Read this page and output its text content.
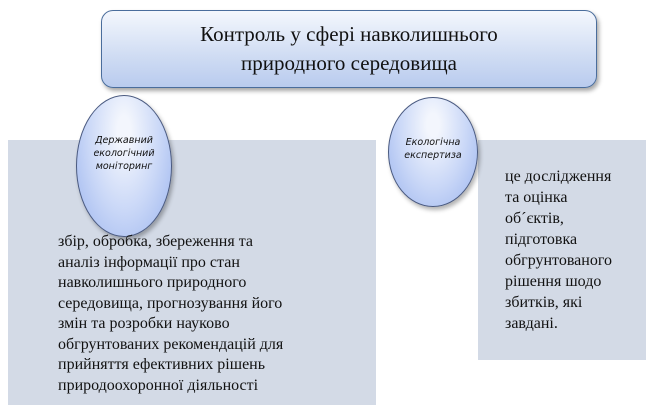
Контроль у сфері навколишнього
природного середовища
Державний
екологічний
моніторинг
збір, обробка, збереження та
аналіз інформації про стан
навколишнього природного
середовища, прогнозування його
змін та розробки науково
обгрунтованих рекомендацій для
прийняття ефективних рішень
природоохоронної діяльності
Екологічна
експертиза
це дослідження
та оцінка
об´єктів,
підготовка
обгрунтованого
рішення шодо
збитків, які
завдані.
